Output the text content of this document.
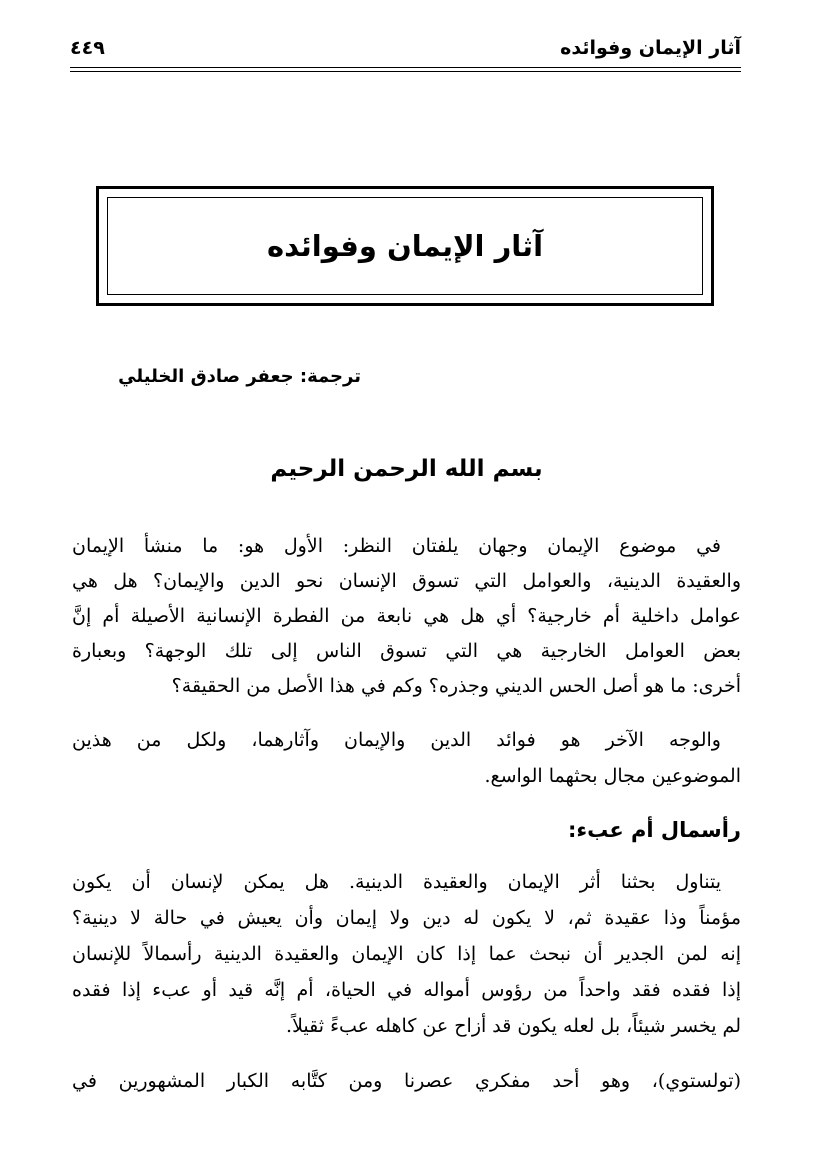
آثار الإيمان وفوائده
٤٤٩
آثار الإيمان وفوائده
ترجمة: جعفر صادق الخليلي
بسم الله الرحمن الرحيم
في موضوع الإيمان وجهان يلفتان النظر: الأول هو: ما منشأ الإيمان
والعقيدة الدينية، والعوامل التي تسوق الإنسان نحو الدين والإيمان؟ هل هي
عوامل داخلية أم خارجية؟ أي هل هي نابعة من الفطرة الإنسانية الأصيلة أم إنَّ
بعض العوامل الخارجية هي التي تسوق الناس إلى تلك الوجهة؟ وبعبارة
أخرى: ما هو أصل الحس الديني وجذره؟ وكم في هذا الأصل من الحقيقة؟
والوجه الآخر هو فوائد الدين والإيمان وآثارهما، ولكل من هذين
الموضوعين مجال بحثهما الواسع.
رأسمال أم عبء:
يتناول بحثنا أثر الإيمان والعقيدة الدينية. هل يمكن لإنسان أن يكون
مؤمناً وذا عقيدة ثم، لا يكون له دين ولا إيمان وأن يعيش في حالة لا دينية؟
إنه لمن الجدير أن نبحث عما إذا كان الإيمان والعقيدة الدينية رأسمالاً للإنسان
إذا فقده فقد واحداً من رؤوس أمواله في الحياة، أم إنَّه قيد أو عبء إذا فقده
لم يخسر شيئاً، بل لعله يكون قد أزاح عن كاهله عبءً ثقيلاً.
(تولستوي)، وهو أحد مفكري عصرنا ومن كتَّابه الكبار المشهورين في
